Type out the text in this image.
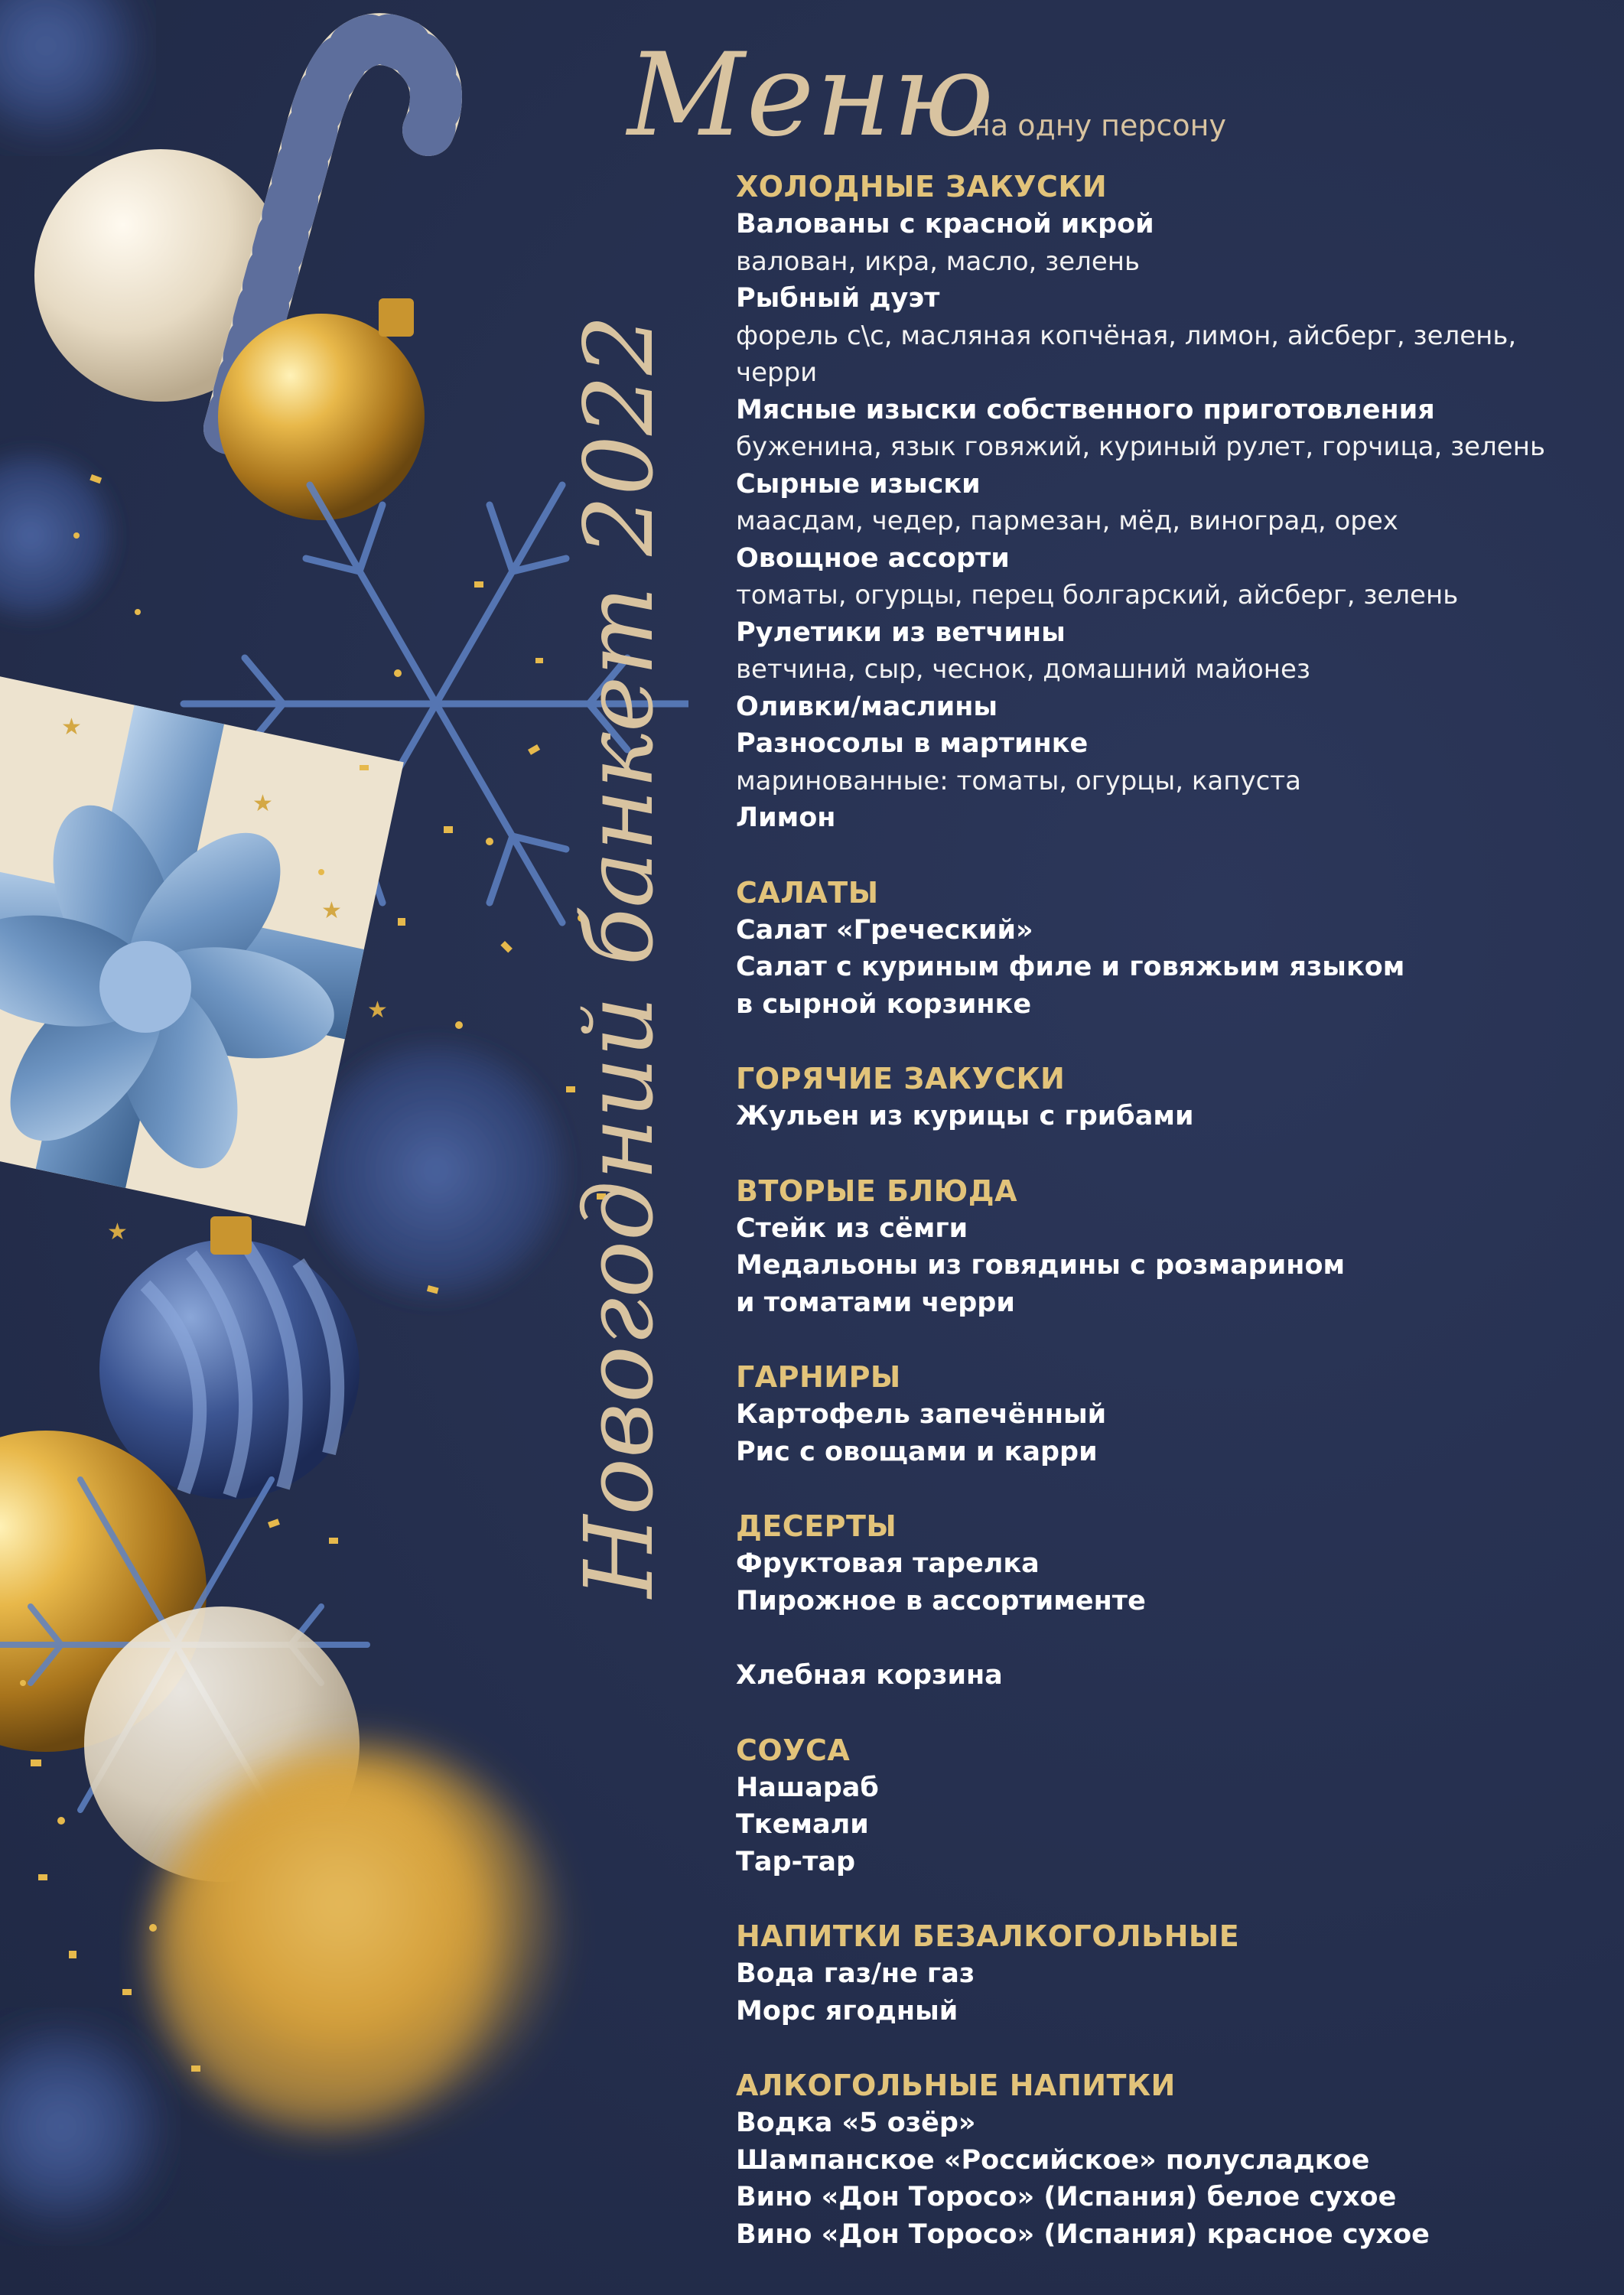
★
★
★
★
★
Меню
на одну персону
Новогодний банкет 2022
ХОЛОДНЫЕ ЗАКУСКИ
Валованы с красной икрой
валован, икра, масло, зелень
Рыбный дуэт
форель с\с, масляная копчёная, лимон, айсберг, зелень,
черри
Мясные изыски собственного приготовления
буженина, язык говяжий, куриный рулет, горчица, зелень
Сырные изыски
маасдам, чедер, пармезан, мёд, виноград, орех
Овощное ассорти
томаты, огурцы, перец болгарский, айсберг, зелень
Рулетики из ветчины
ветчина, сыр, чеснок, домашний майонез
Оливки/маслины
Разносолы в мартинке
маринованные: томаты, огурцы, капуста
Лимон
САЛАТЫ
Салат «Греческий»
Салат с куриным филе и говяжьим языком
в сырной корзинке
ГОРЯЧИЕ ЗАКУСКИ
Жульен из курицы с грибами
ВТОРЫЕ БЛЮДА
Стейк из сёмги
Медальоны из говядины с розмарином
и томатами черри
ГАРНИРЫ
Картофель запечённый
Рис с овощами и карри
ДЕСЕРТЫ
Фруктовая тарелка
Пирожное в ассортименте
Хлебная корзина
СОУСА
Нашараб
Ткемали
Тар-тар
НАПИТКИ БЕЗАЛКОГОЛЬНЫЕ
Вода газ/не газ
Морс ягодный
АЛКОГОЛЬНЫЕ НАПИТКИ
Водка «5 озёр»
Шампанское «Российское» полусладкое
Вино «Дон Торосо» (Испания) белое сухое
Вино «Дон Торосо» (Испания) красное сухое
